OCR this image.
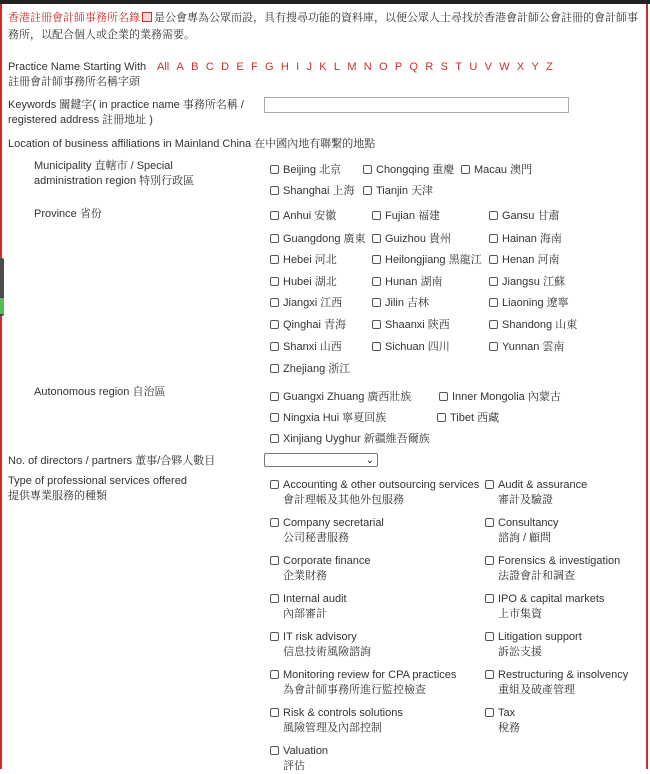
香港註冊會計師事務所名錄 是公會專為公眾而設，具有搜尋功能的資料庫，以便公眾人士尋找於香港會計師公會註冊的會計師事務所，以配合個人或企業的業務需要。
Practice Name Starting With
註冊會計師事務所名稱字頭
All A B C D E F G H I J K L M N O P Q R S T U V W X Y Z
Keywords 關鍵字( in practice name 事務所名稱 /
registered address 註冊地址 )
Location of business affiliations in Mainland China 在中國內地有聯繫的地點
Municipality 直轄市 / Special
administration region 特別行政區
Beijing 北京	Chongqing 重慶 Macau 澳門
Shanghai 上海 Tianjin 天津
Province 省份	Anhui 安徽	Fujian 福建	Gansu 甘肅
Guangdong 廣東 Guizhou 貴州	Hainan 海南
Hebei 河北	Heilongjiang 黑龍江 Henan 河南
Hubei 湖北	Hunan 湖南	Jiangsu 江蘇
Jiangxi 江西	Jilin 吉林	Liaoning 遼寧
Qinghai 青海	Shaanxi 陝西	Shandong 山東
Shanxi 山西	Sichuan 四川	Yunnan 雲南
Zhejiang 浙江
Autonomous region 自治區	Guangxi Zhuang 廣西壯族	Inner Mongolia 內蒙古
Ningxia Hui 寧夏回族	Tibet 西藏
Xinjiang Uyghur 新疆維吾爾族
No. of directors / partners 董事/合夥人數目	⌄
Type of professional services offered
提供專業服務的種類
Accounting & other outsourcing services
會計理帳及其他外包服務
Audit & assurance
審計及驗證
Company secretarial
公司秘書服務
Consultancy
諮詢 / 顧問
Corporate finance
企業財務
Forensics & investigation
法證會計和調查
Internal audit
內部審計
IPO & capital markets
上市集資
IT risk advisory
信息技術風險諮詢
Litigation support
訴訟支援
Monitoring review for CPA practices
為會計師事務所進行監控檢查
Restructuring & insolvency
重組及破產管理
Risk & controls solutions
風險管理及內部控制
Tax
稅務
Valuation
評估
